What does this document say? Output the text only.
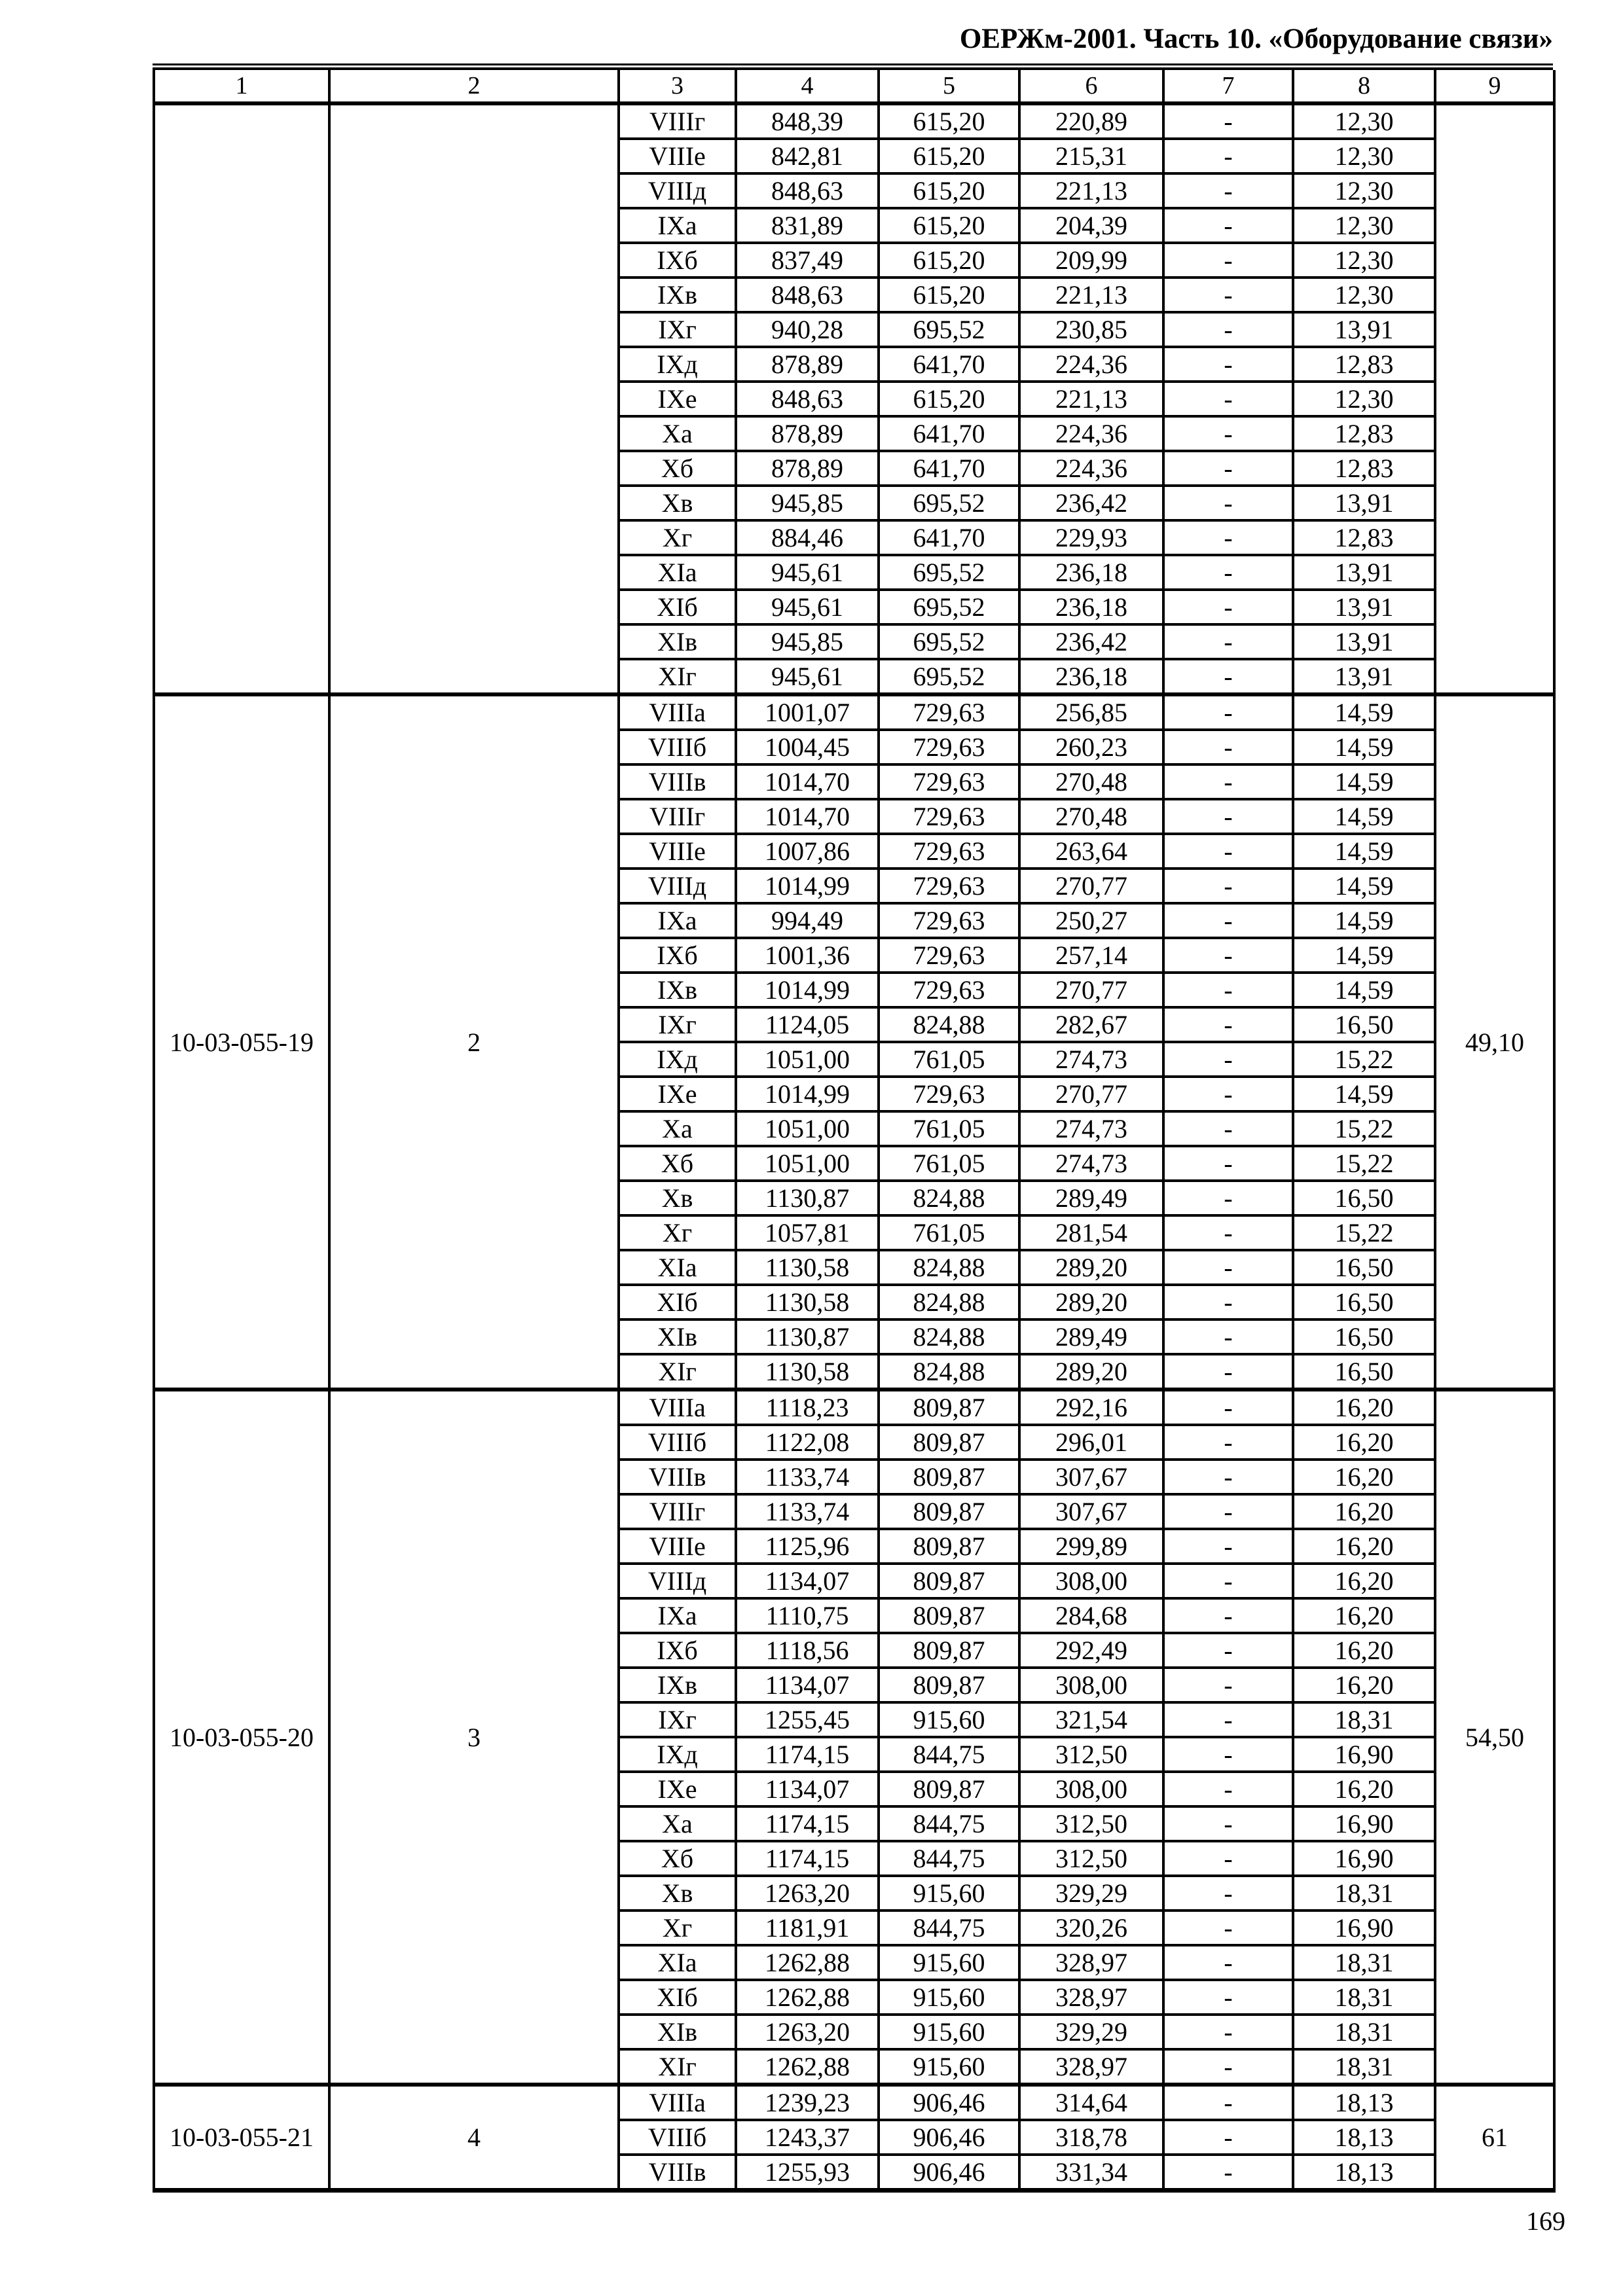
ОЕРЖм-2001. Часть 10. «Оборудование связи»
1	2	3	4	5	6	7	8	9
		VIIIг	848,39	615,20	220,89	-	12,30	
		VIIIе	842,81	615,20	215,31	-	12,30	
		VIIIд	848,63	615,20	221,13	-	12,30	
		IXа	831,89	615,20	204,39	-	12,30	
		IXб	837,49	615,20	209,99	-	12,30	
		IXв	848,63	615,20	221,13	-	12,30	
		IXг	940,28	695,52	230,85	-	13,91	
		IXд	878,89	641,70	224,36	-	12,83	
		IXе	848,63	615,20	221,13	-	12,30	
		Xа	878,89	641,70	224,36	-	12,83	
		Xб	878,89	641,70	224,36	-	12,83	
		Xв	945,85	695,52	236,42	-	13,91	
		Xг	884,46	641,70	229,93	-	12,83	
		XIа	945,61	695,52	236,18	-	13,91	
		XIб	945,61	695,52	236,18	-	13,91	
		XIв	945,85	695,52	236,42	-	13,91	
		XIг	945,61	695,52	236,18	-	13,91	
10-03-055-19	2	VIIIа	1001,07	729,63	256,85	-	14,59	49,10
		VIIIб	1004,45	729,63	260,23	-	14,59	
		VIIIв	1014,70	729,63	270,48	-	14,59	
		VIIIг	1014,70	729,63	270,48	-	14,59	
		VIIIе	1007,86	729,63	263,64	-	14,59	
		VIIIд	1014,99	729,63	270,77	-	14,59	
		IXа	994,49	729,63	250,27	-	14,59	
		IXб	1001,36	729,63	257,14	-	14,59	
		IXв	1014,99	729,63	270,77	-	14,59	
		IXг	1124,05	824,88	282,67	-	16,50	
		IXд	1051,00	761,05	274,73	-	15,22	
		IXе	1014,99	729,63	270,77	-	14,59	
		Xа	1051,00	761,05	274,73	-	15,22	
		Xб	1051,00	761,05	274,73	-	15,22	
		Xв	1130,87	824,88	289,49	-	16,50	
		Xг	1057,81	761,05	281,54	-	15,22	
		XIа	1130,58	824,88	289,20	-	16,50	
		XIб	1130,58	824,88	289,20	-	16,50	
		XIв	1130,87	824,88	289,49	-	16,50	
		XIг	1130,58	824,88	289,20	-	16,50	
10-03-055-20	3	VIIIа	1118,23	809,87	292,16	-	16,20	54,50
		VIIIб	1122,08	809,87	296,01	-	16,20	
		VIIIв	1133,74	809,87	307,67	-	16,20	
		VIIIг	1133,74	809,87	307,67	-	16,20	
		VIIIе	1125,96	809,87	299,89	-	16,20	
		VIIIд	1134,07	809,87	308,00	-	16,20	
		IXа	1110,75	809,87	284,68	-	16,20	
		IXб	1118,56	809,87	292,49	-	16,20	
		IXв	1134,07	809,87	308,00	-	16,20	
		IXг	1255,45	915,60	321,54	-	18,31	
		IXд	1174,15	844,75	312,50	-	16,90	
		IXе	1134,07	809,87	308,00	-	16,20	
		Xа	1174,15	844,75	312,50	-	16,90	
		Xб	1174,15	844,75	312,50	-	16,90	
		Xв	1263,20	915,60	329,29	-	18,31	
		Xг	1181,91	844,75	320,26	-	16,90	
		XIа	1262,88	915,60	328,97	-	18,31	
		XIб	1262,88	915,60	328,97	-	18,31	
		XIв	1263,20	915,60	329,29	-	18,31	
		XIг	1262,88	915,60	328,97	-	18,31	
10-03-055-21	4	VIIIа	1239,23	906,46	314,64	-	18,13	61
		VIIIб	1243,37	906,46	318,78	-	18,13	
		VIIIв	1255,93	906,46	331,34	-	18,13	
169
